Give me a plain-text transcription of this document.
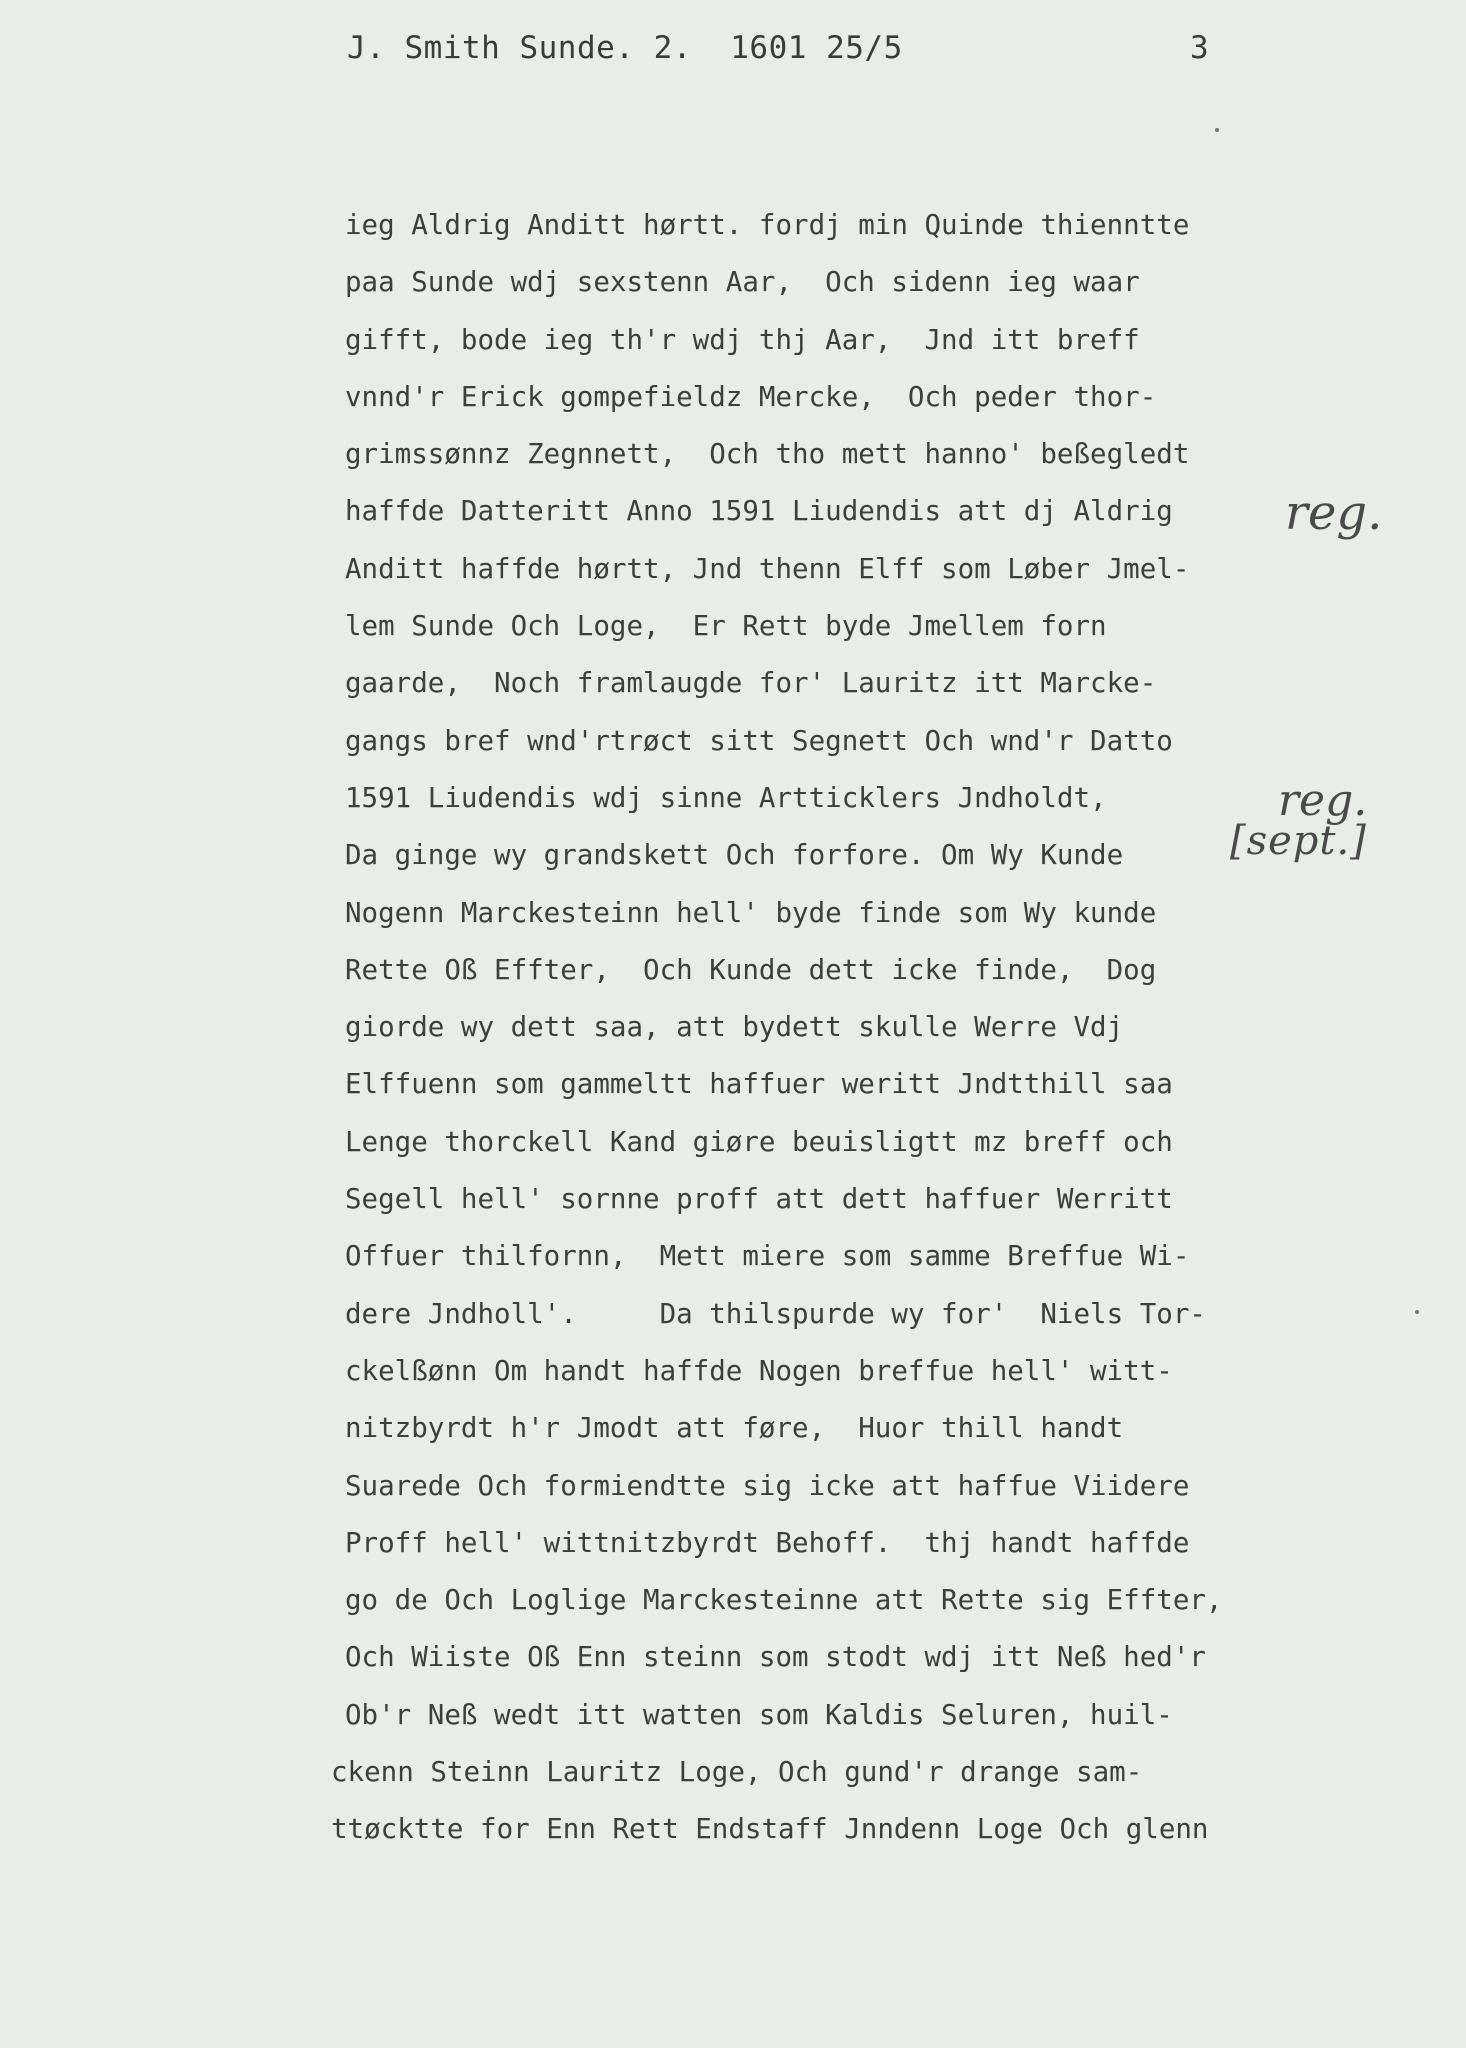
J. Smith Sunde. 2.  1601 25/5	3
ieg Aldrig Anditt hørtt. fordj min Quinde thienntte
paa Sunde wdj sexstenn Aar,  Och sidenn ieg waar
gifft, bode ieg th'r wdj thj Aar,  Jnd itt breff
vnnd'r Erick gompefieldz Mercke,  Och peder thor-
grimssønnz Zegnnett,  Och tho mett hanno' beßegledt
haffde Datteritt Anno 1591 Liudendis att dj Aldrig
Anditt haffde hørtt, Jnd thenn Elff som Løber Jmel-
lem Sunde Och Loge,  Er Rett byde Jmellem forn
gaarde,  Noch framlaugde for' Lauritz itt Marcke-
gangs bref wnd'rtrøct sitt Segnett Och wnd'r Datto
1591 Liudendis wdj sinne Artticklers Jndholdt,
Da ginge wy grandskett Och forfore. Om Wy Kunde
Nogenn Marckesteinn hell' byde finde som Wy kunde
Rette Oß Effter,  Och Kunde dett icke finde,  Dog
giorde wy dett saa, att bydett skulle Werre Vdj
Elffuenn som gammeltt haffuer weritt Jndtthill saa
Lenge thorckell Kand giøre beuisligtt mz breff och
Segell hell' sornne proff att dett haffuer Werritt
Offuer thilfornn,  Mett miere som samme Breffue Wi-
dere Jndholl'.     Da thilspurde wy for'  Niels Tor-
ckelßønn Om handt haffde Nogen breffue hell' witt-
nitzbyrdt h'r Jmodt att føre,  Huor thill handt
Suarede Och formiendtte sig icke att haffue Viidere
Proff hell' wittnitzbyrdt Behoff.  thj handt haffde
go de Och Loglige Marckesteinne att Rette sig Effter,
Och Wiiste Oß Enn steinn som stodt wdj itt Neß hed'r
Ob'r Neß wedt itt watten som Kaldis Seluren, huil-
ckenn Steinn Lauritz Loge, Och gund'r drange sam-
ttøcktte for Enn Rett Endstaff Jnndenn Loge Och glenn
reg.
reg.
[sept.]
